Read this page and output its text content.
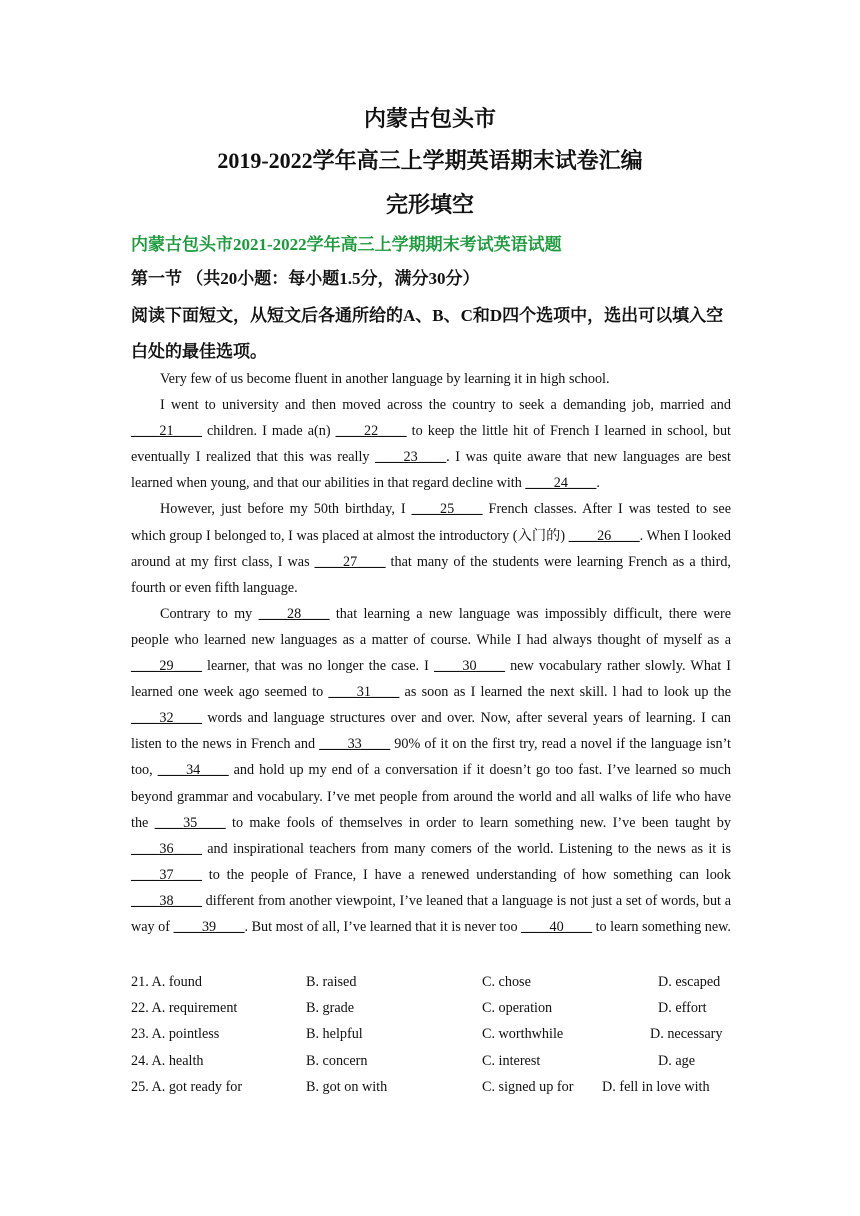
内蒙古包头市
2019-2022学年高三上学期英语期末试卷汇编
完形填空
内蒙古包头市2021-2022学年高三上学期期末考试英语试题
第一节 （共20小题：每小题1.5分，满分30分）
阅读下面短文，从短文后各通所给的A、B、C和D四个选项中，选出可以填入空白处的最佳选项。

Very few of us become fluent in another language by learning it in high school.

I went to university and then moved across the country to seek a demanding job, married and ____21____ children. I made a(n) ____22____ to keep the little hit of French I learned in school, but eventually I realized that this was really ____23____. I was quite aware that new languages are best learned when young, and that our abilities in that regard decline with ____24____.

However, just before my 50th birthday, I ____25____ French classes. After I was tested to see which group I belonged to, I was placed at almost the introductory (入门的) ____26____. When I looked around at my first class, I was ____27____ that many of the students were learning French as a third, fourth or even fifth language.

Contrary to my ____28____ that learning a new language was impossibly difficult, there were people who learned new languages as a matter of course. While I had always thought of myself as a ____29____ learner, that was no longer the case. I ____30____ new vocabulary rather slowly. What I learned one week ago seemed to ____31____ as soon as I learned the next skill. l had to look up the ____32____ words and language structures over and over. Now, after several years of learning. I can listen to the news in French and ____33____ 90% of it on the first try, read a novel if the language isn’t too, ____34____ and hold up my end of a conversation if it doesn’t go too fast. I’ve learned so much beyond grammar and vocabulary. I’ve met people from around the world and all walks of life who have the ____35____ to make fools of themselves in order to learn something new. I’ve been taught by ____36____ and inspirational teachers from many comers of the world. Listening to the news as it is ____37____ to the people of France, I have a renewed understanding of how something can look ____38____ different from another viewpoint, I’ve leaned that a language is not just a set of words, but a way of ____39____. But most of all, I’ve learned that it is never too ____40____ to learn something new.

21. A. found	B. raised	C. chose	D. escaped
22. A. requirement	B. grade	C. operation	D. effort
23. A. pointless	B. helpful	C. worthwhile	D. necessary
24. A. health	B. concern	C. interest	D. age
25. A. got ready for	B. got on with	C. signed up for D. fell in love with
